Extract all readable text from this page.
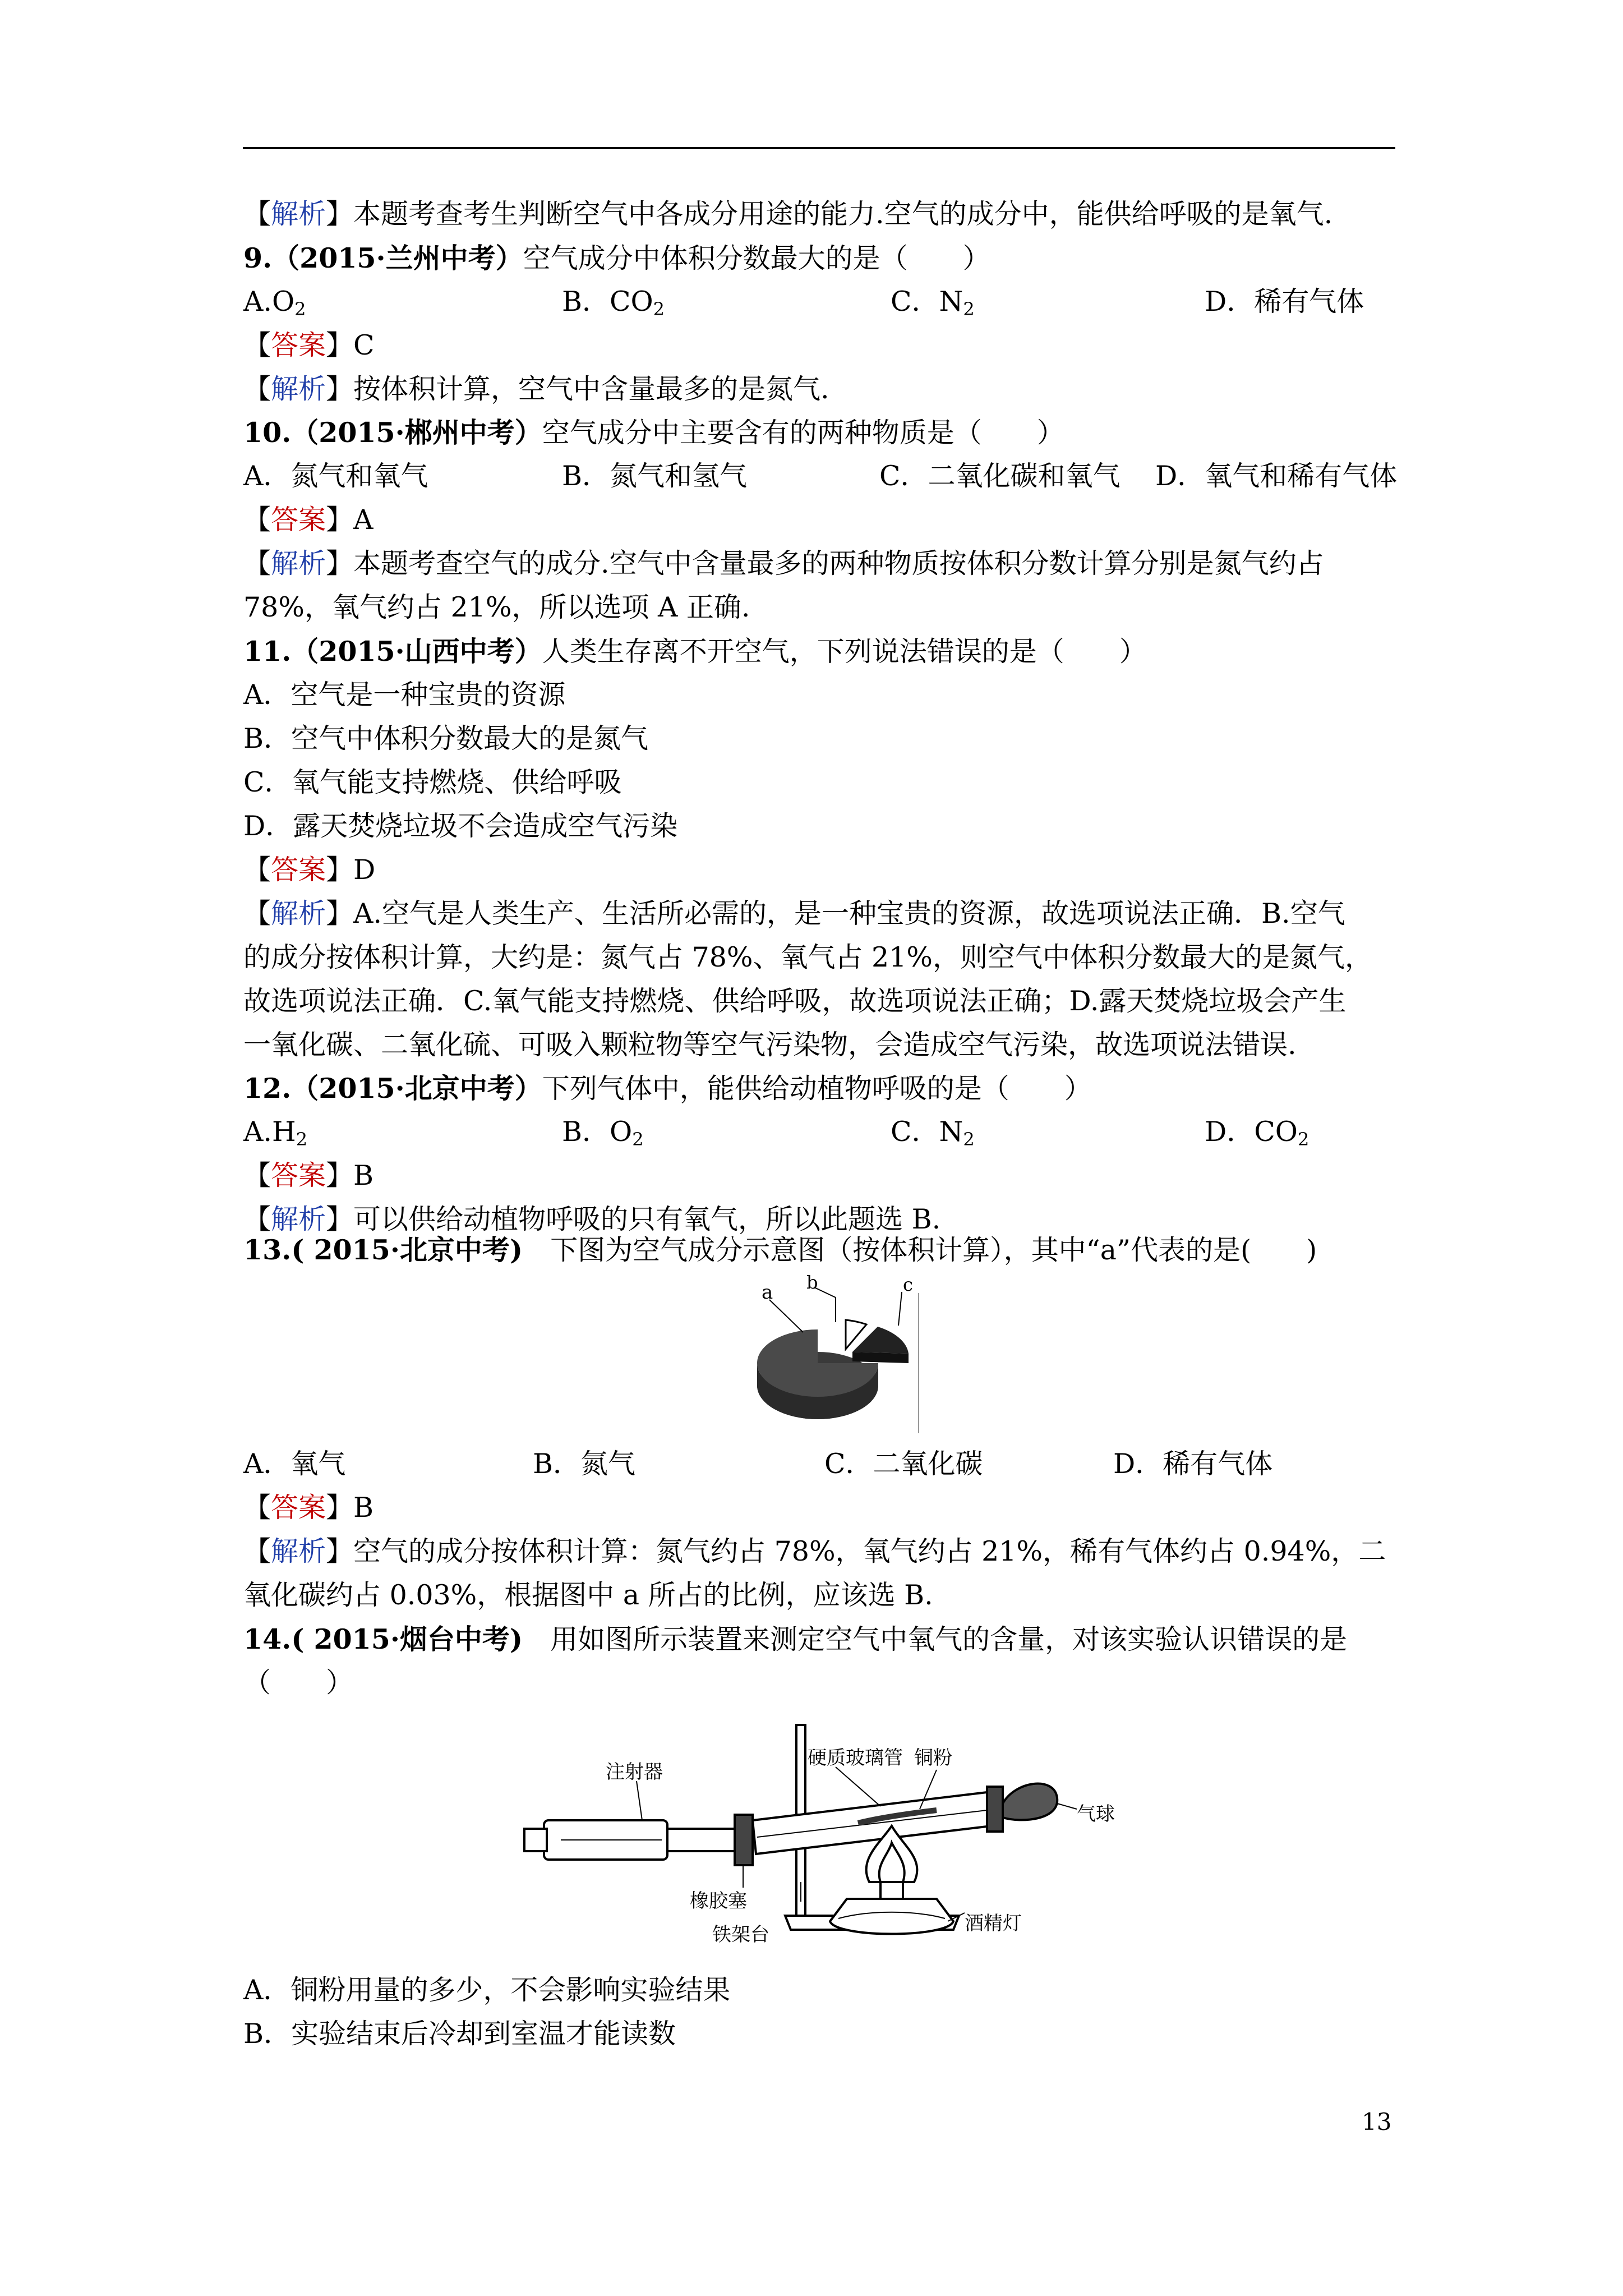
【解析】本题考查考生判断空气中各成分用途的能力.空气的成分中，能供给呼吸的是氧气.
9.（2015·兰州中考）空气成分中体积分数最大的是（　　）
$A.O_2$	B．$CO_2$	C．$N_2$	D．稀有气体
【答案】C
【解析】按体积计算，空气中含量最多的是氮气.
10.（2015·郴州中考）空气成分中主要含有的两种物质是（　　）
A．氮气和氧气	B．氮气和氢气	C．二氧化碳和氧气 D．氧气和稀有气体
【答案】A
【解析】本题考查空气的成分.空气中含量最多的两种物质按体积分数计算分别是氮气约占
78%，氧气约占 21%，所以选项 A 正确.
11.（2015·山西中考）人类生存离不开空气，下列说法错误的是（　　）
A．空气是一种宝贵的资源
B．空气中体积分数最大的是氮气
C．氧气能支持燃烧、供给呼吸
D．露天焚烧垃圾不会造成空气污染
【答案】D
【解析】A.空气是人类生产、生活所必需的，是一种宝贵的资源，故选项说法正确．B.空气
的成分按体积计算，大约是：氮气占 78%、氧气占 21%，则空气中体积分数最大的是氮气，
故选项说法正确．C.氧气能支持燃烧、供给呼吸，故选项说法正确；D.露天焚烧垃圾会产生
一氧化碳、二氧化硫、可吸入颗粒物等空气污染物，会造成空气污染，故选项说法错误.
12.（2015·北京中考）下列气体中，能供给动植物呼吸的是（　　）
$A.H_2$	B．$O_2$	C．$N_2$	D．$CO_2$
【答案】B
【解析】可以供给动植物呼吸的只有氧气，所以此题选 B.
13.( 2015·北京中考)　 下图为空气成分示意图（按体积计算），其中“a”代表的是(　　)
a b	c
A．氧气	B．氮气	C．二氧化碳	D．稀有气体
【答案】B
【解析】空气的成分按体积计算：氮气约占 78%，氧气约占 21%，稀有气体约占 0.94%，二
氧化碳约占 0.03%，根据图中 a 所占的比例，应该选 B.
14.( 2015·烟台中考)　 用如图所示装置来测定空气中氧气的含量，对该实验认识错误的是
（　　）
注射器
硬质玻璃管 铜粉
气球
橡胶塞
铁架台	酒精灯
A．铜粉用量的多少，不会影响实验结果
B．实验结束后冷却到室温才能读数
13
